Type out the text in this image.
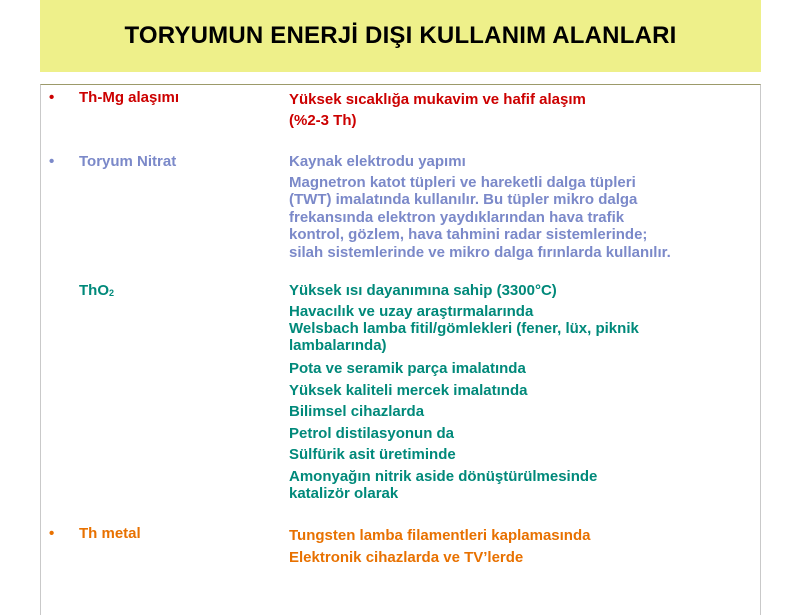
TORYUMUN ENERJİ DIŞI KULLANIM ALANLARI
•	Th-Mg alaşımı	Yüksek sıcaklığa mukavim ve hafif alaşım
(%2-3 Th)
•	Toryum Nitrat	Kaynak elektrodu yapımı
Magnetron katot tüpleri ve hareketli dalga tüpleri
(TWT) imalatında kullanılır. Bu tüpler mikro dalga
frekansında elektron yaydıklarından hava trafik
kontrol, gözlem, hava tahmini radar sistemlerinde;
silah sistemlerinde ve mikro dalga fırınlarda kullanılır.
ThO2	Yüksek ısı dayanımına sahip (3300°C)
Havacılık ve uzay araştırmalarında
Welsbach lamba fitil/gömlekleri (fener, lüx, piknik
lambalarında)
Pota ve seramik parça imalatında
Yüksek kaliteli mercek imalatında
Bilimsel cihazlarda
Petrol distilasyonun da
Sülfürik asit üretiminde
Amonyağın nitrik aside dönüştürülmesinde
katalizör olarak
•	Th metal	Tungsten lamba filamentleri kaplamasında
Elektronik cihazlarda ve TV’lerde
